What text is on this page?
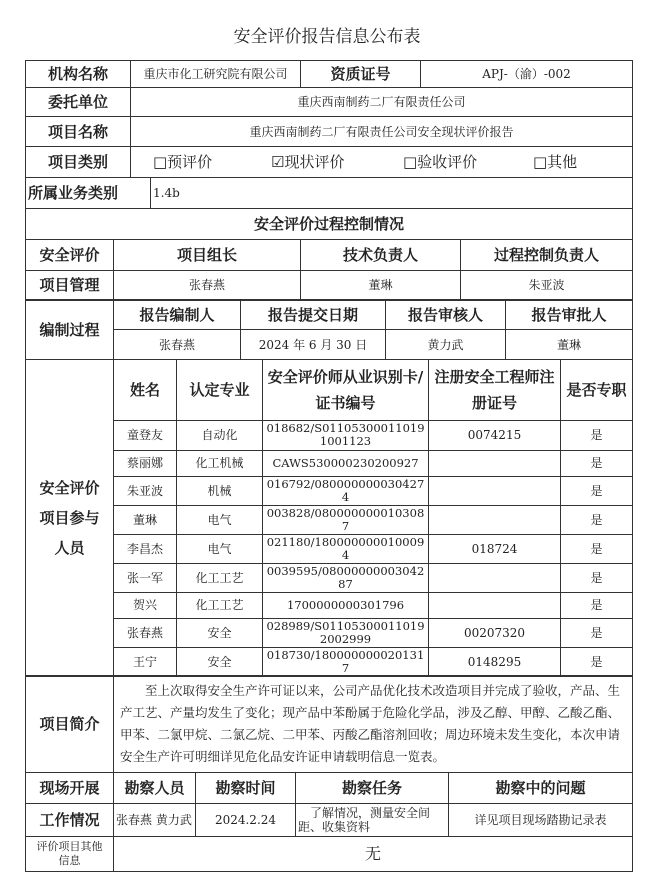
安全评价报告信息公布表
机构名称	重庆市化工研究院有限公司		资质证号	APJ-（渝）-002
委托单位	重庆西南制药二厂有限责任公司			
项目名称	重庆西南制药二厂有限责任公司安全现状评价报告			
项目类别	□预评价 ☑现状评价 □验收评价 □其他			
所属业务类别		1.4b		
安全评价过程控制情况				
安全评价	项目组长	技术负责人	过程控制负责人
项目管理	张春燕	董琳	朱亚波
编制过程	报告编制人	报告提交日期	报告审核人	报告审批人
	张春燕	2024 年 6 月 30 日	黄力武	董琳
安全评价
项目参与
人员	姓名	认定专业	安全评价师从业识别卡/证书编号	注册安全工程师注册证号	是否专职
	童登友	自动化	018682/S011053000110191001123	0074215	是
	蔡丽娜	化工机械	CAWS530000230200927		是
	朱亚波	机械	016792/0800000000304274		是
	董琳	电气	003828/0800000000103087		是
	李昌杰	电气	021180/1800000000100094	018724	是
	张一军	化工工艺	0039595/0800000000304287		是
	贺兴	化工工艺	1700000000301796		是
	张春燕	安全	028989/S011053000110192002999	00207320	是
	王宁	安全	018730/1800000000201317	0148295	是
项目简介	至上次取得安全生产许可证以来，公司产品优化技术改造项目并完成了验收，产品、生产工艺、产量均发生了变化；现产品中苯酚属于危险化学品，涉及乙醇、甲醇、乙酸乙酯、甲苯、二氯甲烷、二氯乙烷、二甲苯、丙酸乙酯溶剂回收；周边环境未发生变化，本次申请安全生产许可明细详见危化品安许证申请载明信息一览表。
现场开展	勘察人员	勘察时间	勘察任务	勘察中的问题
工作情况	张春燕 黄力武	2024.2.24	了解情况，测量安全间距、收集资料	详见项目现场踏勘记录表
评价项目其他信息	无			
